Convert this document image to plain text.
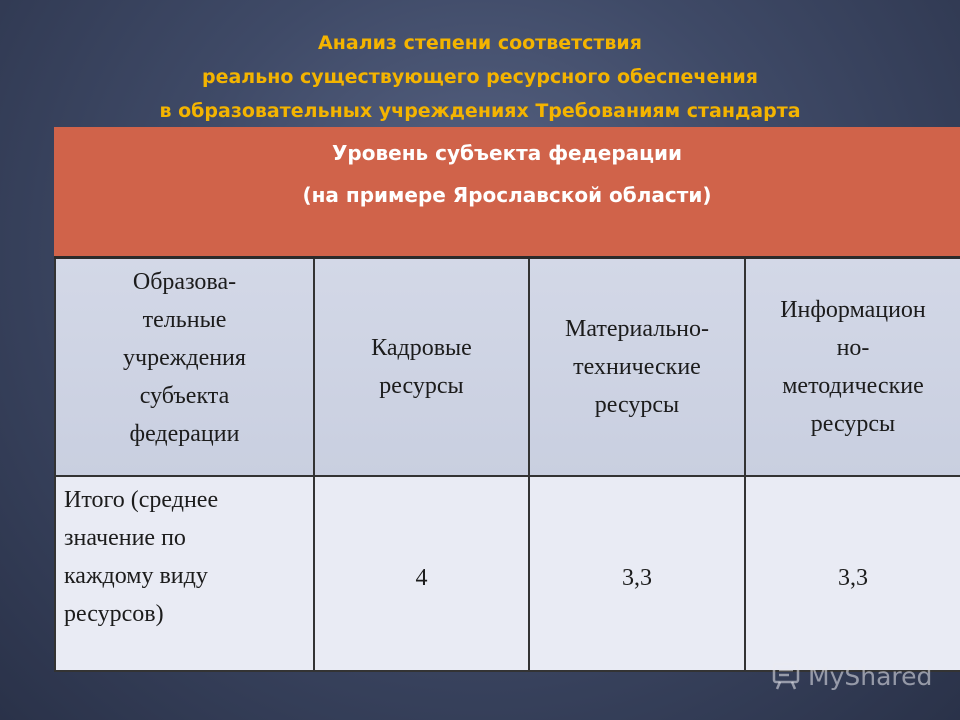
Анализ степени соответствия
реально существующего ресурсного обеспечения
в образовательных учреждениях Требованиям стандарта
Уровень субъекта федерации
(на примере Ярославской области)
Образова-
тельные
учреждения
субъекта
федерации
Кадровые
ресурсы
Материально-
технические
ресурсы
Информацион
но-
методические
ресурсы
Итого (среднее
значение по
каждому виду
ресурсов)
4	3,3	3,3
MyShared
